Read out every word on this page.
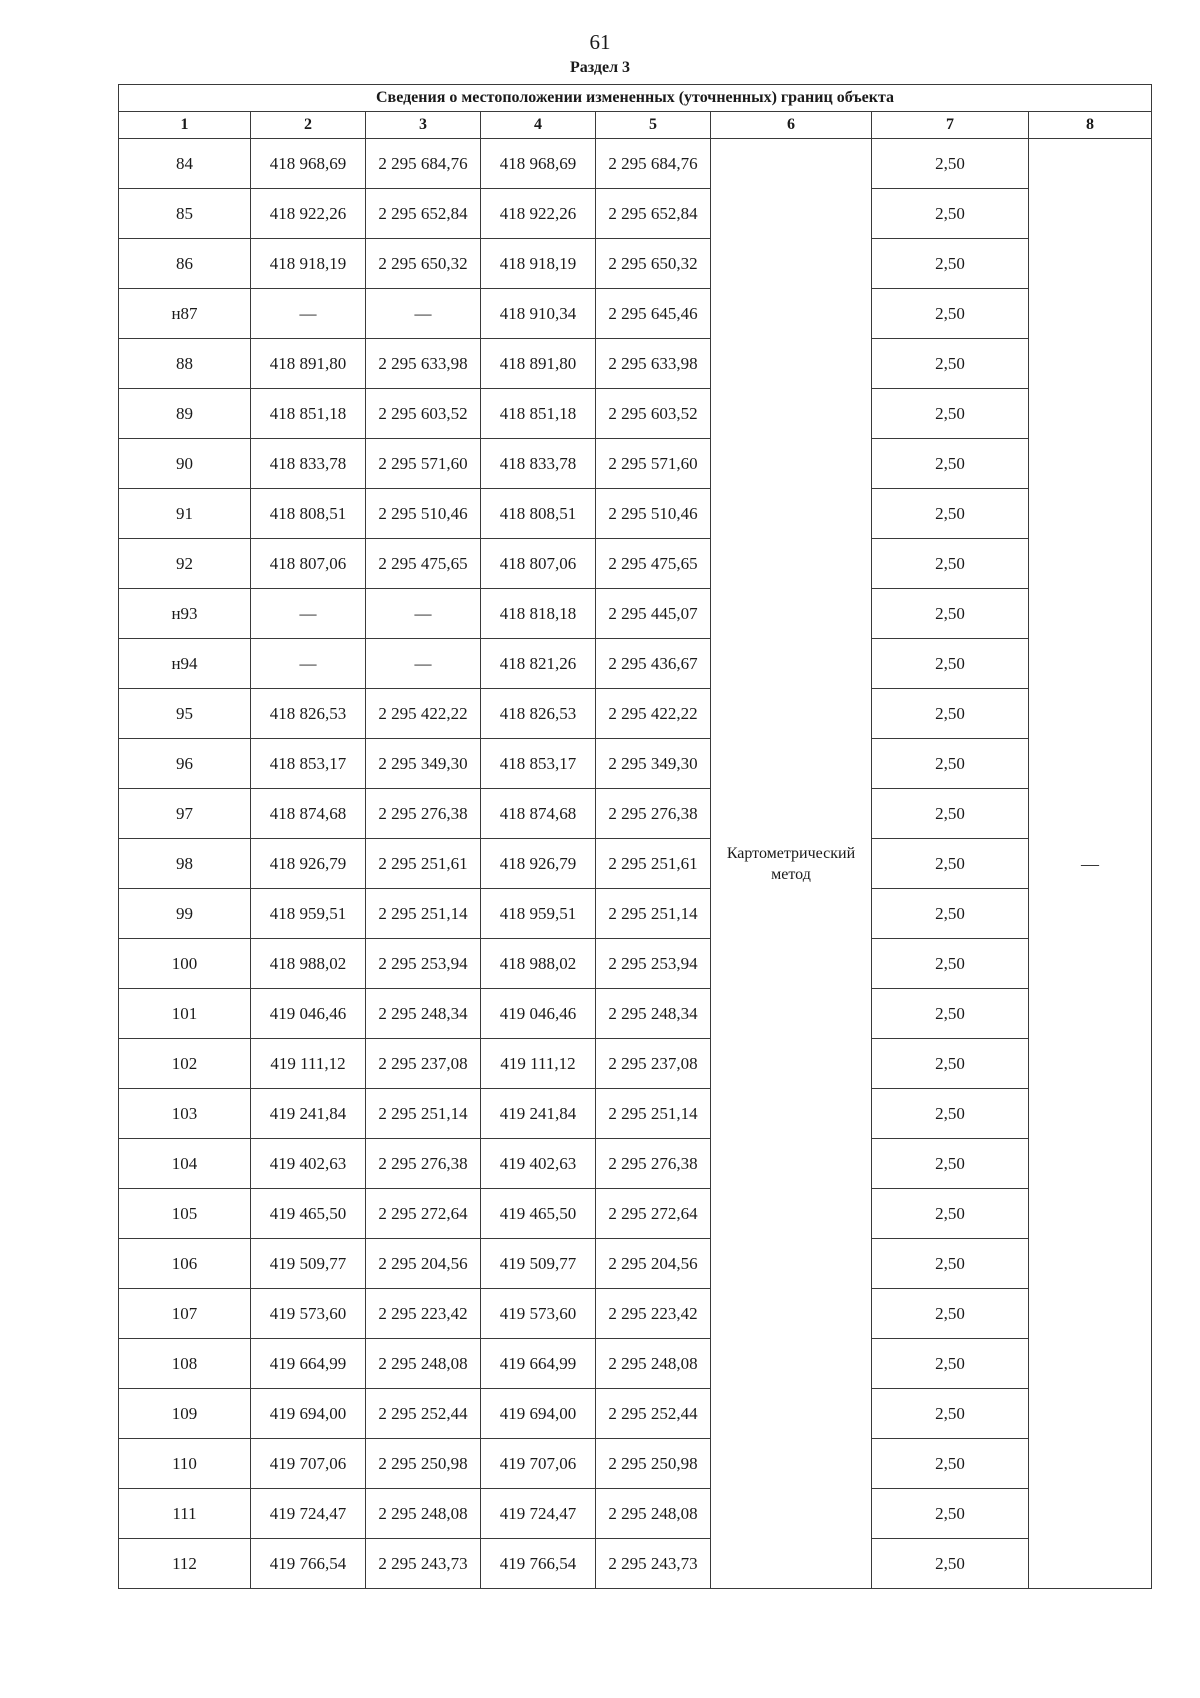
61
Раздел 3
Сведения о местоположении измененных (уточненных) границ объекта							
1	2	3	4	5	6	7	8
84	418 968,69	2 295 684,76	418 968,69	2 295 684,76	Картометрический метод	2,50	—
85	418 922,26	2 295 652,84	418 922,26	2 295 652,84		2,50	
86	418 918,19	2 295 650,32	418 918,19	2 295 650,32		2,50	
н87	—	—	418 910,34	2 295 645,46		2,50	
88	418 891,80	2 295 633,98	418 891,80	2 295 633,98		2,50	
89	418 851,18	2 295 603,52	418 851,18	2 295 603,52		2,50	
90	418 833,78	2 295 571,60	418 833,78	2 295 571,60		2,50	
91	418 808,51	2 295 510,46	418 808,51	2 295 510,46		2,50	
92	418 807,06	2 295 475,65	418 807,06	2 295 475,65		2,50	
н93	—	—	418 818,18	2 295 445,07		2,50	
н94	—	—	418 821,26	2 295 436,67		2,50	
95	418 826,53	2 295 422,22	418 826,53	2 295 422,22		2,50	
96	418 853,17	2 295 349,30	418 853,17	2 295 349,30		2,50	
97	418 874,68	2 295 276,38	418 874,68	2 295 276,38		2,50	
98	418 926,79	2 295 251,61	418 926,79	2 295 251,61		2,50	
99	418 959,51	2 295 251,14	418 959,51	2 295 251,14		2,50	
100	418 988,02	2 295 253,94	418 988,02	2 295 253,94		2,50	
101	419 046,46	2 295 248,34	419 046,46	2 295 248,34		2,50	
102	419 111,12	2 295 237,08	419 111,12	2 295 237,08		2,50	
103	419 241,84	2 295 251,14	419 241,84	2 295 251,14		2,50	
104	419 402,63	2 295 276,38	419 402,63	2 295 276,38		2,50	
105	419 465,50	2 295 272,64	419 465,50	2 295 272,64		2,50	
106	419 509,77	2 295 204,56	419 509,77	2 295 204,56		2,50	
107	419 573,60	2 295 223,42	419 573,60	2 295 223,42		2,50	
108	419 664,99	2 295 248,08	419 664,99	2 295 248,08		2,50	
109	419 694,00	2 295 252,44	419 694,00	2 295 252,44		2,50	
110	419 707,06	2 295 250,98	419 707,06	2 295 250,98		2,50	
111	419 724,47	2 295 248,08	419 724,47	2 295 248,08		2,50	
112	419 766,54	2 295 243,73	419 766,54	2 295 243,73		2,50	
